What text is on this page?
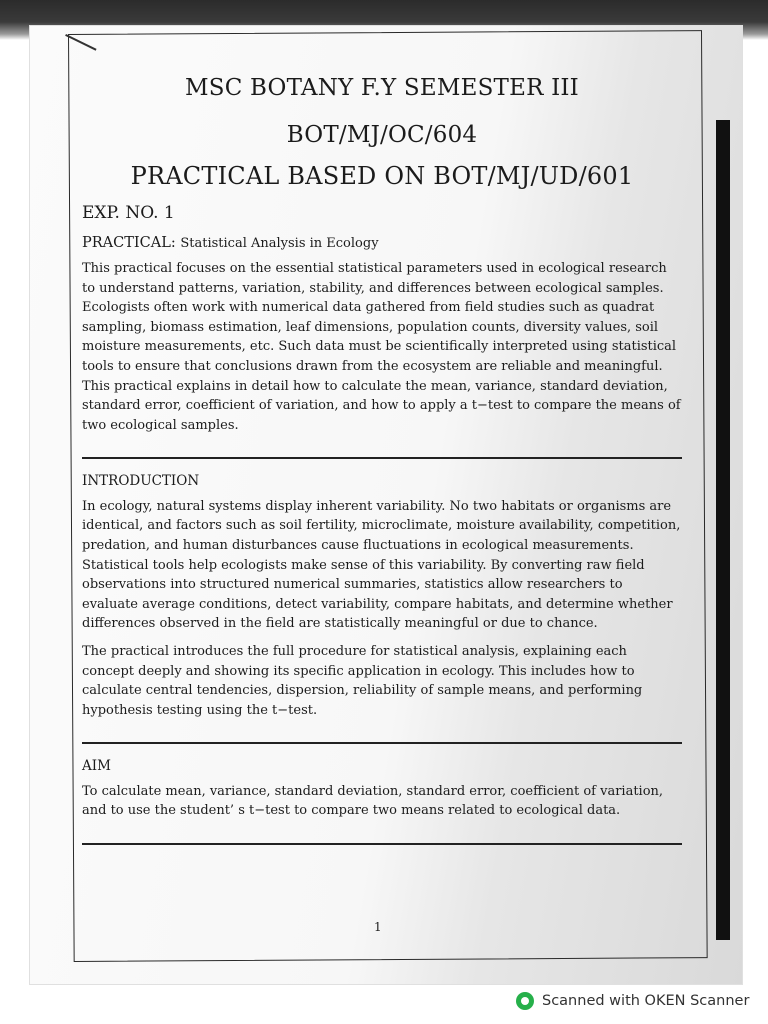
MSC BOTANY F.Y SEMESTER III
BOT/MJ/OC/604
PRACTICAL BASED ON BOT/MJ/UD/601
EXP. NO. 1
PRACTICAL: Statistical Analysis in Ecology

This practical focuses on the essential statistical parameters used in ecological research to understand patterns, variation, stability, and differences between ecological samples. Ecologists often work with numerical data gathered from field studies such as quadrat sampling, biomass estimation, leaf dimensions, population counts, diversity values, soil moisture measurements, etc. Such data must be scientifically interpreted using statistical tools to ensure that conclusions drawn from the ecosystem are reliable and meaningful. This practical explains in detail how to calculate the mean, variance, standard deviation, standard error, coefficient of variation, and how to apply a t−test to compare the means of two ecological samples.

INTRODUCTION

In ecology, natural systems display inherent variability. No two habitats or organisms are identical, and factors such as soil fertility, microclimate, moisture availability, competition, predation, and human disturbances cause fluctuations in ecological measurements. Statistical tools help ecologists make sense of this variability. By converting raw field observations into structured numerical summaries, statistics allow researchers to evaluate average conditions, detect variability, compare habitats, and determine whether differences observed in the field are statistically meaningful or due to chance.

The practical introduces the full procedure for statistical analysis, explaining each concept deeply and showing its specific application in ecology. This includes how to calculate central tendencies, dispersion, reliability of sample means, and performing hypothesis testing using the t−test.

AIM

To calculate mean, variance, standard deviation, standard error, coefficient of variation, and to use the student’ s t−test to compare two means related to ecological data.

1
Scanned with OKEN Scanner
